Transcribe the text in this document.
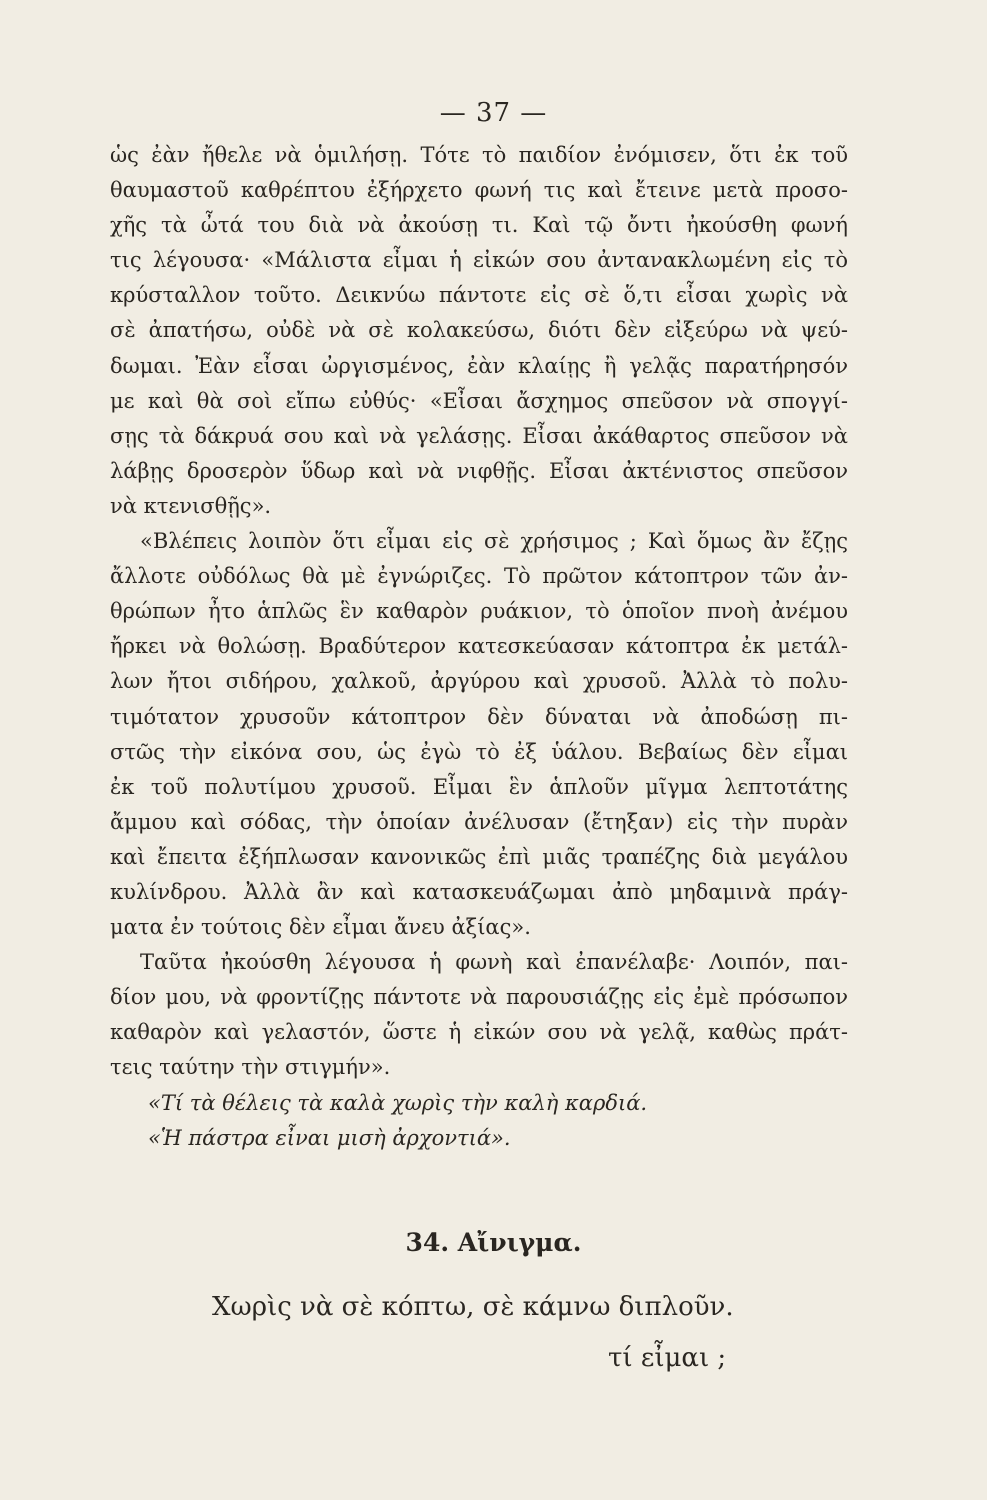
— 37 —
ὡς ἐὰν ἤθελε νὰ ὁμιλήσῃ. Τότε τὸ παιδίον ἐνόμισεν, ὅτι ἐκ τοῦ
θαυμαστοῦ καθρέπτου ἐξήρχετο φωνή τις καὶ ἔτεινε μετὰ προσο-
χῆς τὰ ὦτά του διὰ νὰ ἀκούσῃ τι. Καὶ τῷ ὄντι ἠκούσθη φωνή
τις λέγουσα· «Μάλιστα εἶμαι ἡ εἰκών σου ἀντανακλωμένη εἰς τὸ
κρύσταλλον τοῦτο. Δεικνύω πάντοτε εἰς σὲ ὅ,τι εἶσαι χωρὶς νὰ
σὲ ἀπατήσω, οὐδὲ νὰ σὲ κολακεύσω, διότι δὲν εἰξεύρω νὰ ψεύ-
δωμαι. Ἐὰν εἶσαι ὠργισμένος, ἐὰν κλαίῃς ἢ γελᾷς παρατήρησόν
με καὶ θὰ σοὶ εἴπω εὐθύς· «Εἶσαι ἄσχημος σπεῦσον νὰ σπογγί-
σῃς τὰ δάκρυά σου καὶ νὰ γελάσῃς. Εἶσαι ἀκάθαρτος σπεῦσον νὰ
λάβῃς δροσερὸν ὕδωρ καὶ νὰ νιφθῇς. Εἶσαι ἀκτένιστος σπεῦσον
νὰ κτενισθῇς».
«Βλέπεις λοιπὸν ὅτι εἶμαι εἰς σὲ χρήσιμος ; Καὶ ὅμως ἂν ἔζῃς
ἄλλοτε οὐδόλως θὰ μὲ ἐγνώριζες. Τὸ πρῶτον κάτοπτρον τῶν ἀν-
θρώπων ἦτο ἁπλῶς ἓν καθαρὸν ρυάκιον, τὸ ὁποῖον πνοὴ ἀνέμου
ἤρκει νὰ θολώσῃ. Βραδύτερον κατεσκεύασαν κάτοπτρα ἐκ μετάλ-
λων ἤτοι σιδήρου, χαλκοῦ, ἀργύρου καὶ χρυσοῦ. Ἀλλὰ τὸ πολυ-
τιμότατον χρυσοῦν κάτοπτρον δὲν δύναται νὰ ἀποδώσῃ πι-
στῶς τὴν εἰκόνα σου, ὡς ἐγὼ τὸ ἐξ ὑάλου. Βεβαίως δὲν εἶμαι
ἐκ τοῦ πολυτίμου χρυσοῦ. Εἶμαι ἓν ἁπλοῦν μῖγμα λεπτοτάτης
ἄμμου καὶ σόδας, τὴν ὁποίαν ἀνέλυσαν (ἔτηξαν) εἰς τὴν πυρὰν
καὶ ἔπειτα ἐξήπλωσαν κανονικῶς ἐπὶ μιᾶς τραπέζης διὰ μεγάλου
κυλίνδρου. Ἀλλὰ ἂν καὶ κατασκευάζωμαι ἀπὸ μηδαμινὰ πράγ-
ματα ἐν τούτοις δὲν εἶμαι ἄνευ ἀξίας».
Ταῦτα ἠκούσθη λέγουσα ἡ φωνὴ καὶ ἐπανέλαβε· Λοιπόν, παι-
δίον μου, νὰ φροντίζῃς πάντοτε νὰ παρουσιάζῃς εἰς ἐμὲ πρόσωπον
καθαρὸν καὶ γελαστόν, ὥστε ἡ εἰκών σου νὰ γελᾷ, καθὼς πράτ-
τεις ταύτην τὴν στιγμήν».
«Τί τὰ θέλεις τὰ καλὰ χωρὶς τὴν καλὴ καρδιά.
«Ἡ πάστρα εἶναι μισὴ ἀρχοντιά».
34. Αἴνιγμα.
Χωρὶς νὰ σὲ κόπτω, σὲ κάμνω διπλοῦν.
τί εἶμαι ;
